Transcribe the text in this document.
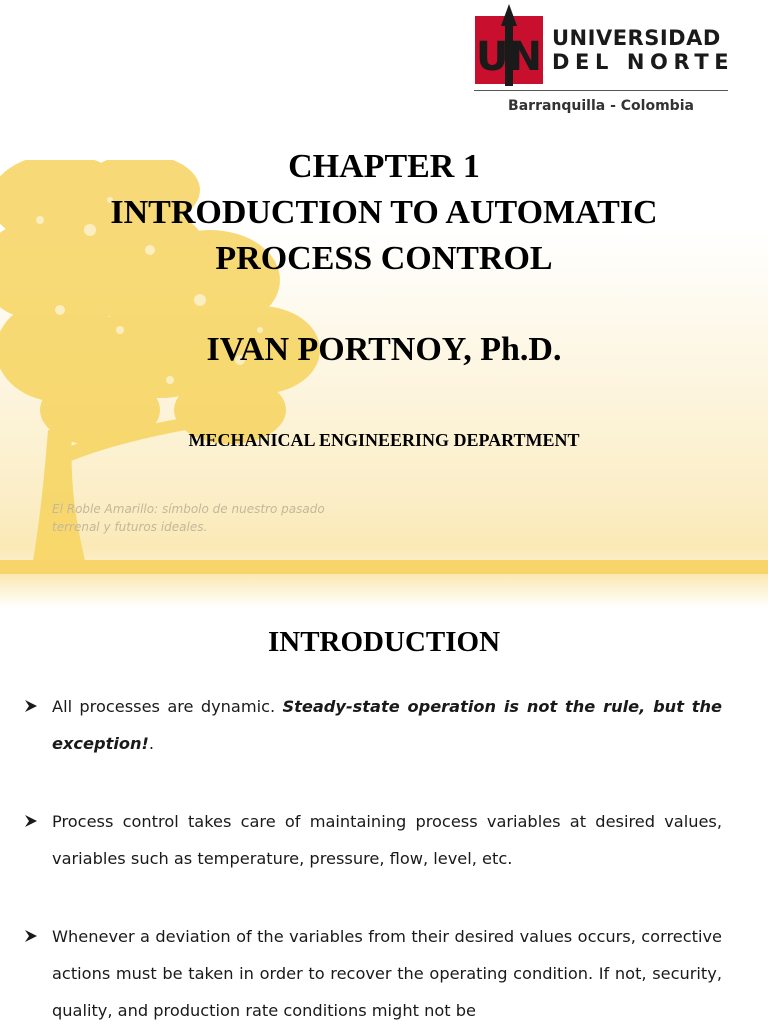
UN UNIVERSIDAD
DEL NORTE
Barranquilla - Colombia
CHAPTER 1
INTRODUCTION TO AUTOMATIC
PROCESS CONTROL
IVAN PORTNOY, Ph.D.
MECHANICAL ENGINEERING DEPARTMENT
El Roble Amarillo: símbolo de nuestro pasado
terrenal y futuros ideales.
INTRODUCTION
All processes are dynamic. Steady-state operation is not the rule, but the exception!.
Process control takes care of maintaining process variables at desired values, variables such as temperature, pressure, flow, level, etc.
Whenever a deviation of the variables from their desired values occurs, corrective actions must be taken in order to recover the operating condition. If not, security, quality, and production rate conditions might not be
